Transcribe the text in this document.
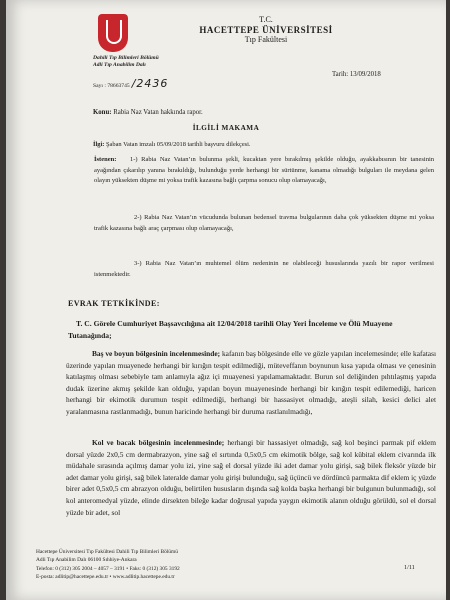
T.C.
HACETTEPE ÜNİVERSİTESİ
Tıp Fakültesi
Dahili Tıp Bilimleri Bölümü
Adli Tıp Anabilim Dalı
Sayı : 78663745 /2436
Tarih: 13/09/2018
Konu: Rabia Naz Vatan hakkında rapor.
İLGİLİ MAKAMA
İlgi: Şaban Vatan imzalı 05/09/2018 tarihli başvuru dilekçesi.

İstenen: 1-) Rabia Naz Vatan’ın bulunma şekli, kucaktan yere bırakılmış şekilde olduğu, ayakkabısının bir tanesinin ayağından çıkarılıp yanına bırakıldığı, bulunduğu yerde herhangi bir sürtünme, kanama olmadığı bulguları ile meydana gelen olayın yüksekten düşme mi yoksa trafik kazasına bağlı çarpma sonucu olup olamayacağı,

2-) Rabia Naz Vatan’ın vücudunda bulunan bedensel travma bulgularının daha çok yüksekten düşme mi yoksa trafik kazasına bağlı araç çarpması olup olamayacağı,

3-) Rabia Naz Vatan’ın muhtemel ölüm nedeninin ne olabileceği hususlarında yazılı bir rapor verilmesi istenmektedir.

EVRAK TETKİKİNDE:

T. C. Görele Cumhuriyet Başsavcılığına ait 12/04/2018 tarihli Olay Yeri İnceleme ve Ölü Muayene Tutanağında;

Baş ve boyun bölgesinin incelenmesinde; kafanın baş bölgesinde elle ve gözle yapılan incelemesinde; elle kafatası üzerinde yapılan muayenede herhangi bir kırığın tespit edilmediği, müteveffanın boynunun kısa yapıda olması ve çenesinin katılaşmış olması sebebiyle tam anlamıyla ağız içi muayenesi yapılamamaktadır. Burun sol deliğinden pıhtılaşmış yapıda dudak üzerine akmış şekilde kan olduğu, yapılan boyun muayenesinde herhangi bir kırığın tespit edilemediği, haricen herhangi bir ekimotik durumun tespit edilmediği, herhangi bir hassasiyet olmadığı, ateşli silah, kesici delici alet yaralanmasına rastlanmadığı, bunun haricinde herhangi bir duruma rastlanılmadığı,

Kol ve bacak bölgesinin incelenmesinde; herhangi bir hassasiyet olmadığı, sağ kol beşinci parmak pif eklem dorsal yüzde 2x0,5 cm dermabrazyon, yine sağ el sırtında 0,5x0,5 cm ekimotik bölge, sağ kol kübital eklem civarında ilk müdahale sırasında açılmış damar yolu izi, yine sağ el dorsal yüzde iki adet damar yolu girişi, sağ bilek fleksör yüzde bir adet damar yolu girişi, sağ bilek lateralde damar yolu girişi bulunduğu, sağ üçüncü ve dördüncü parmakta dif eklem iç yüzde birer adet 0,5x0,5 cm abrazyon olduğu, belirtilen hususların dışında sağ kolda başka herhangi bir bulgunun bulunmadığı, sol kol anteromedyal yüzde, elinde dirsekten bileğe kadar doğrusal yapıda yaygın ekimotik alanın olduğu görüldü, sol el dorsal yüzde bir adet, sol

Hacettepe Üniversitesi Tıp Fakültesi Dahili Tıp Bilimleri Bölümü
Adli Tıp Anabilim Dalı 06100 Sıhhiye-Ankara
Telefon: 0 (312) 305 2004 – 4057 – 3191 • Faks: 0 (312) 305 3192
E-posta: adlitip@hacettepe.edu.tr • www.adlitip.hacettepe.edu.tr
1/11
